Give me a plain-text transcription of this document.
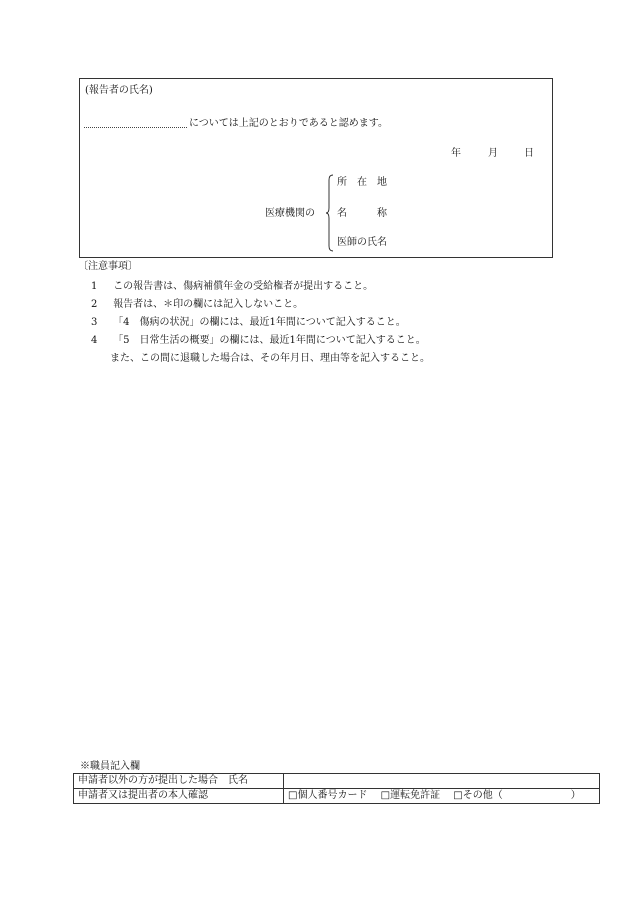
(報告者の氏名)
については上記のとおりであると認めます。
年	月	日
医療機関の
所　在　地
名　　　称
医師の氏名
〔注意事項〕
1 この報告書は、傷病補償年金の受給権者が提出すること。
2 報告者は、＊印の欄には記入しないこと。
3 「4　傷病の状況」の欄には、最近1年間について記入すること。
4 「5　日常生活の概要」の欄には、最近1年間について記入すること。
また、この間に退職した場合は、その年月日、理由等を記入すること。
※職員記入欄
申請者以外の方が提出した場合　氏名	
申請者又は提出者の本人確認	□個人番号カード □運転免許証 □その他（ ）
